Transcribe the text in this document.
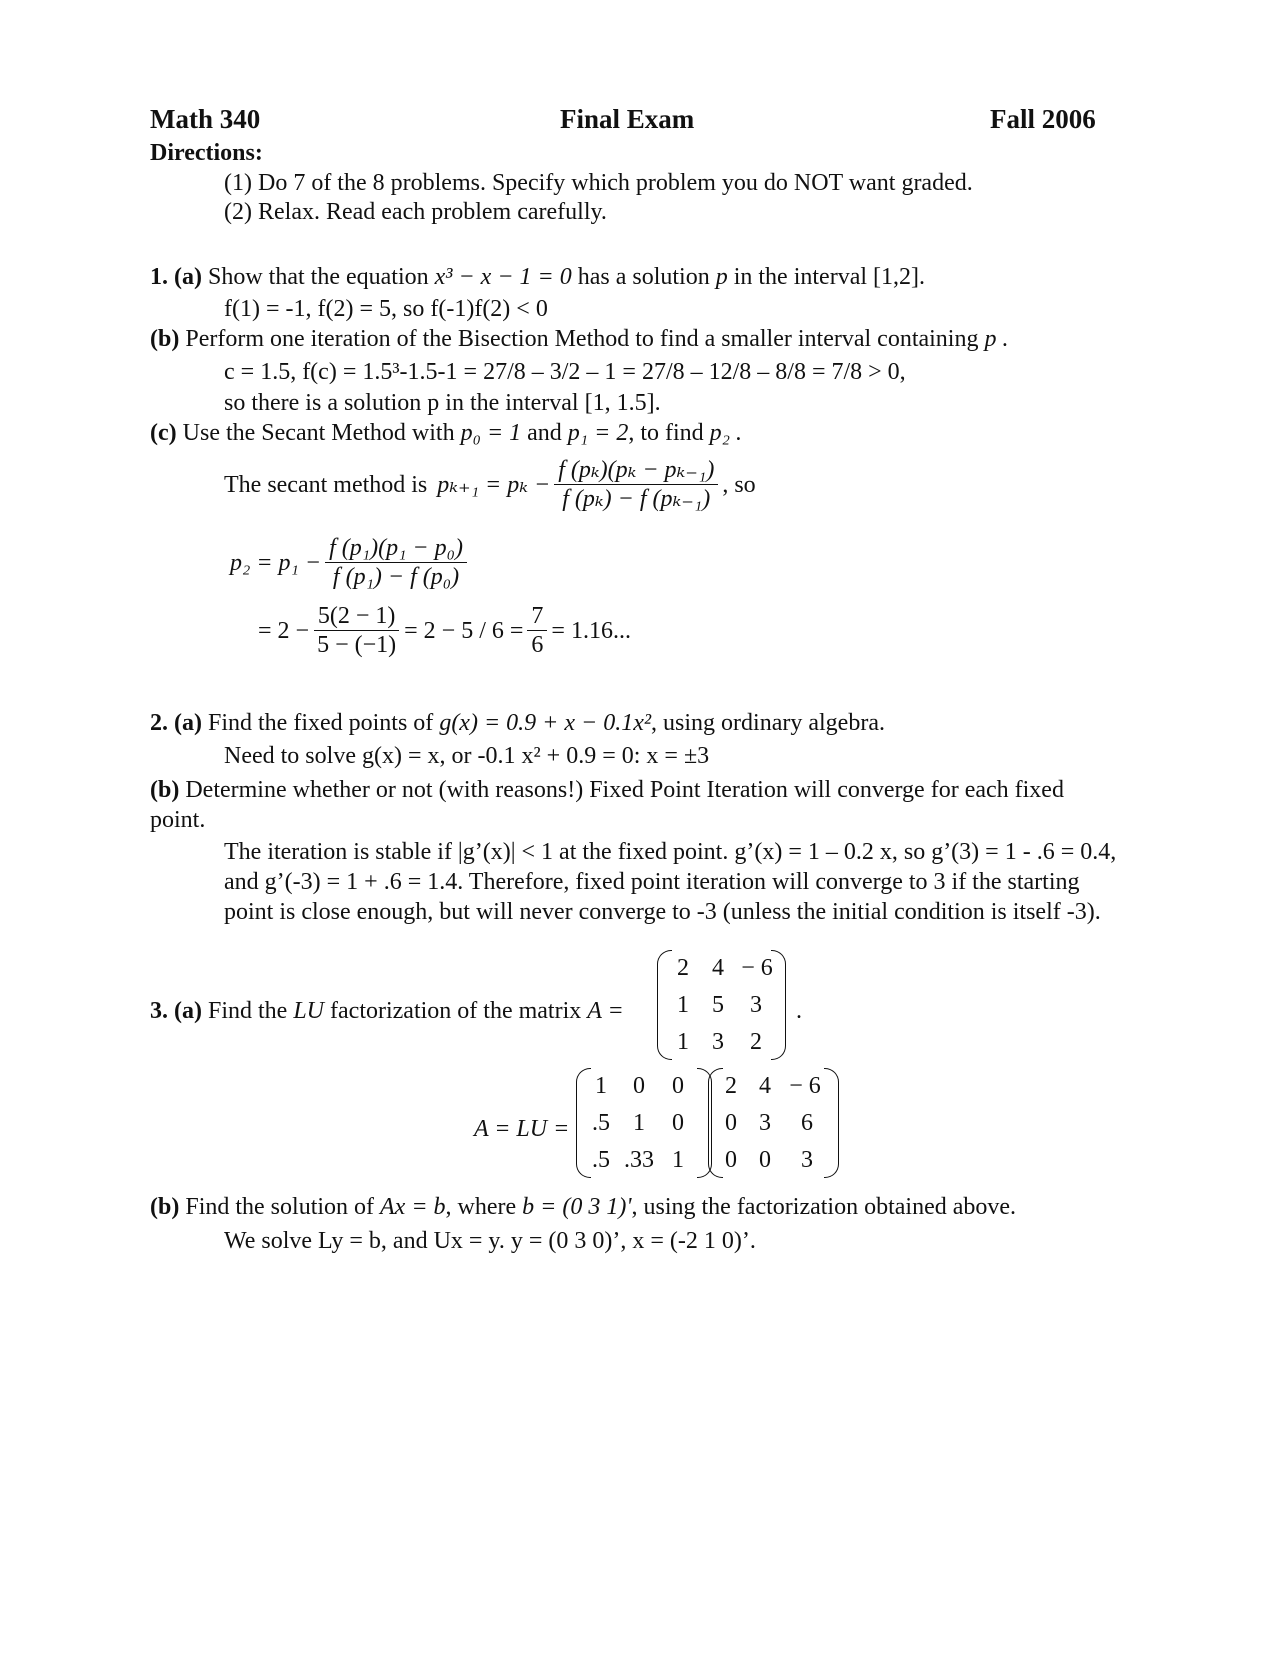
Math 340	Final Exam	Fall 2006
Directions:
(1) Do 7 of the 8 problems. Specify which problem you do NOT want graded.
(2) Relax. Read each problem carefully.
1. (a) Show that the equation x³ − x − 1 = 0 has a solution p in the interval [1,2].
f(1) = -1, f(2) = 5, so f(-1)f(2) < 0
(b) Perform one iteration of the Bisection Method to find a smaller interval containing p .
c = 1.5, f(c) = 1.5³-1.5-1 = 27/8 – 3/2 – 1 = 27/8 – 12/8 – 8/8 = 7/8 > 0,
so there is a solution p in the interval [1, 1.5].
(c) Use the Secant Method with p₀ = 1 and p₁ = 2, to find p₂ .
The secant method is $p_{k+1} = p_k - \frac{\text{f (pₖ)(pₖ − pₖ₋₁)}}{\text{f (pₖ) − f (pₖ₋₁)}}$ , so
$p_2 = p_1 - \frac{\text{f (p₁)(p₁ − p₀)}}{\text{f (p₁) − f (p₀)}}$
= $2 - \frac{5(2 - 1)}{5 - (-1)} = 2 - 5 / 6 = \frac{7}{6} = 1.16$...
2. (a) Find the fixed points of g(x) = 0.9 + x − 0.1x², using ordinary algebra.
Need to solve g(x) = x, or -0.1 x² + 0.9 = 0: x = ±3
(b) Determine whether or not (with reasons!) Fixed Point Iteration will converge for each fixed point.
The iteration is stable if |g’(x)| < 1 at the fixed point. g’(x) = 1 – 0.2 x, so g’(3) = 1 - .6 = 0.4, and g’(-3) = 1 + .6 = 1.4. Therefore, fixed point iteration will converge to 3 if the starting point is close enough, but will never converge to -3 (unless the initial condition is itself -3).
3. (a) Find the LU factorization of the matrix A =
2 4 − 6
1 5	3
1 3	2
.
A = LU =
1	0	0
.5 1	0
.5 .33 1
2 4 − 6
0 3	6
0 0	3
(b) Find the solution of Ax = b, where b = (0 3 1)', using the factorization obtained above.
We solve Ly = b, and Ux = y. y = (0 3 0)’, x = (-2 1 0)’.
